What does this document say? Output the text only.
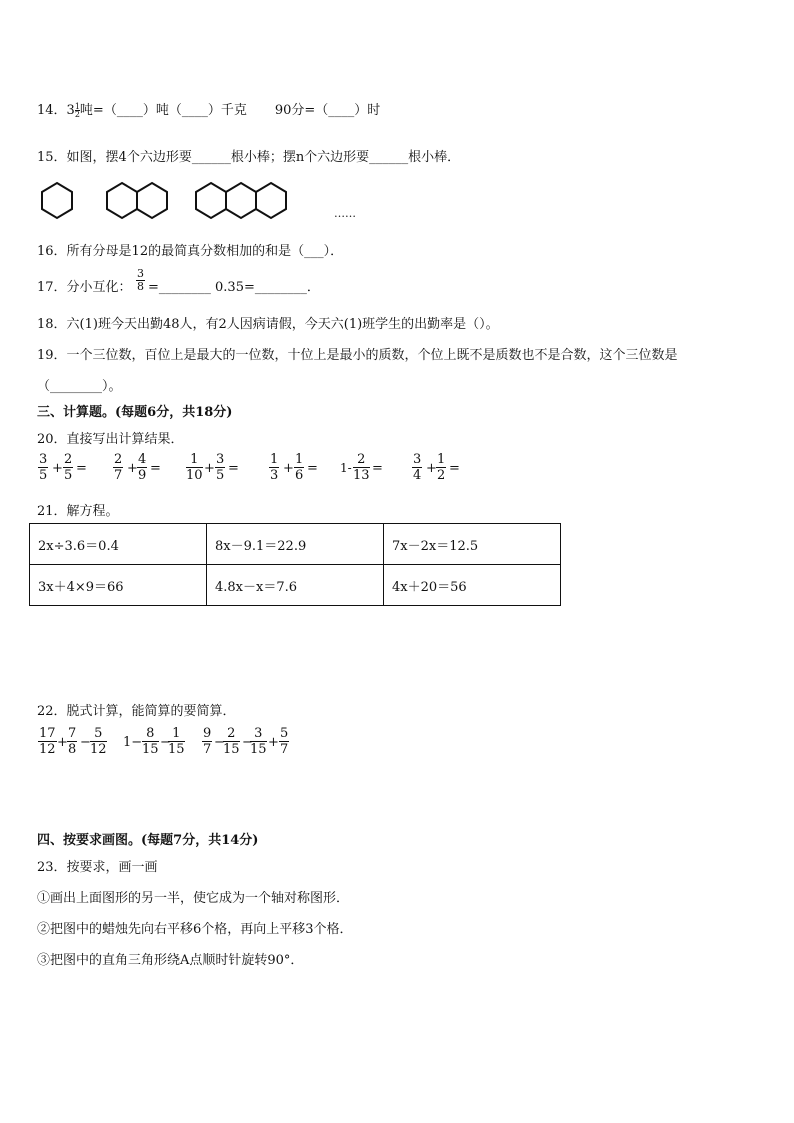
14．$3 \frac{1}{2}$ 吨=（____）吨（____）千克 90分=（____）时
15．如图，摆4个六边形要______根小棒；摆n个六边形要______根小棒．
……
16．所有分母是12的最简真分数相加的和是（___）．
17．分小互化： $\frac{3}{8}$ =________ 0.35=________．
18．六(1)班今天出勤48人，有2人因病请假，今天六(1)班学生的出勤率是（）。
19．一个三位数，百位上是最大的一位数，十位上是最小的质数，个位上既不是质数也不是合数，这个三位数是
（________）。
三、计算题。(每题6分，共18分)
20．直接写出计算结果．
$\frac{3}{5} + \frac{2}{5} = \frac{2}{7} + \frac{4}{9} = \frac{1}{10} + \frac{3}{5} = \frac{1}{3} + \frac{1}{6} = 1- \frac{2}{13} = \frac{3}{4} + \frac{1}{2}$ =
21．解方程。
2x÷3.6＝0.4	8x－9.1＝22.9	7x－2x＝12.5
3x＋4×9＝66	4.8x－x＝7.6	4x＋20＝56
22．脱式计算，能简算的要简算．
$\frac{17}{12} + \frac{7}{8} - \frac{5}{12} 1- \frac{8}{15}$ −
$\frac{1}{15} \frac{9}{7}$ −
$\frac{2}{15}$ −
$\frac{3}{15} + \frac{5}{7}$
四、按要求画图。(每题7分，共14分)
23．按要求，画一画
①画出上面图形的另一半，使它成为一个轴对称图形．
②把图中的蜡烛先向右平移6个格，再向上平移3个格．
③把图中的直角三角形绕A点顺时针旋转90°．
